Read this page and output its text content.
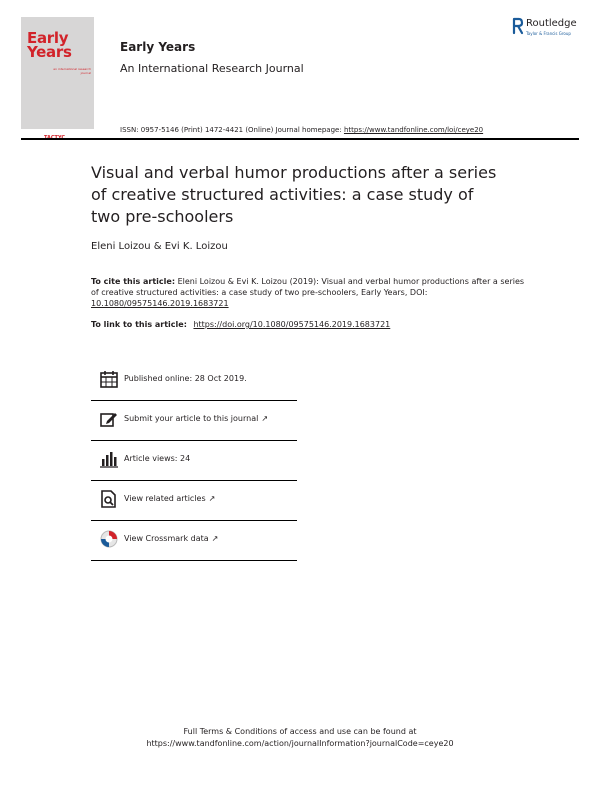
Early
Years
an international research journal
Early Years
An International Research Journal
Routledge
Taylor & Francis Group
ISSN: 0957-5146 (Print) 1472-4421 (Online) Journal homepage: https://www.tandfonline.com/loi/ceye20
Visual and verbal humor productions after a series of creative structured activities: a case study of two pre-schoolers
Eleni Loizou & Evi K. Loizou
To cite this article: Eleni Loizou & Evi K. Loizou (2019): Visual and verbal humor productions after a series of creative structured activities: a case study of two pre-schoolers, Early Years, DOI: 10.1080/09575146.2019.1683721
To link to this article: https://doi.org/10.1080/09575146.2019.1683721
Published online: 28 Oct 2019.
Submit your article to this journal ↗
Article views: 24
View related articles ↗
View Crossmark data ↗
Full Terms & Conditions of access and use can be found at
https://www.tandfonline.com/action/journalInformation?journalCode=ceye20
